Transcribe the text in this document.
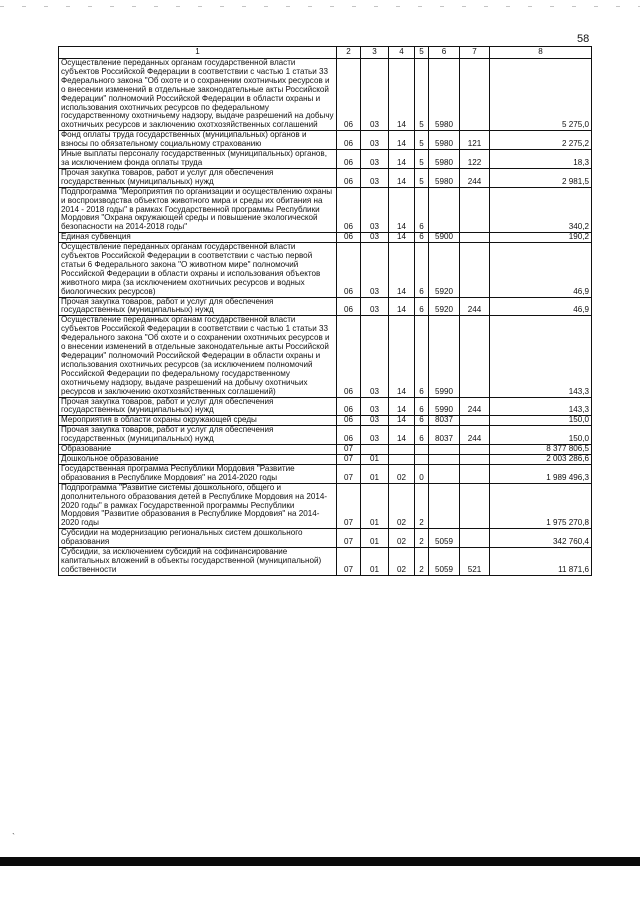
58
1	2	3	4	5	6	7	8
Осуществление переданных органам государственной власти субъектов Российской Федерации в соответствии с частью 1 статьи 33 Федерального закона "Об охоте и о сохранении охотничьих ресурсов и о внесении изменений в отдельные законодательные акты Российской Федерации" полномочий Российской Федерации в области охраны и использования охотничьих ресурсов по федеральному государственному охотничьему надзору, выдаче разрешений на добычу охотничьих ресурсов и заключению охотхозяйственных соглашений	06	03	14	5	5980		5 275,0
Фонд оплаты труда государственных (муниципальных) органов и взносы по обязательному социальному страхованию	06	03	14	5	5980	121	2 275,2
Иные выплаты персоналу государственных (муниципальных) органов, за исключением фонда оплаты труда	06	03	14	5	5980	122	18,3
Прочая закупка товаров, работ и услуг для обеспечения государственных (муниципальных) нужд	06	03	14	5	5980	244	2 981,5
Подпрограмма "Мероприятия по организации и осуществлению охраны и воспроизводства объектов животного мира и среды их обитания на 2014 - 2018 годы" в рамках Государственной программы Республики Мордовия "Охрана окружающей среды и повышение экологической безопасности на 2014-2018 годы"	06	03	14	6			340,2
Единая субвенция	06	03	14	6	5900		190,2
Осуществление переданных органам государственной власти субъектов Российской Федерации в соответствии с частью первой статьи 6 Федерального закона "О животном мире" полномочий Российской Федерации в области охраны и использования объектов животного мира (за исключением охотничьих ресурсов и водных биологических ресурсов)	06	03	14	6	5920		46,9
Прочая закупка товаров, работ и услуг для обеспечения государственных (муниципальных) нужд	06	03	14	6	5920	244	46,9
Осуществление переданных органам государственной власти субъектов Российской Федерации в соответствии с частью 1 статьи 33 Федерального закона "Об охоте и о сохранении охотничьих ресурсов и о внесении изменений в отдельные законодательные акты Российской Федерации" полномочий Российской Федерации в области охраны и использования охотничьих ресурсов (за исключением полномочий Российской Федерации по федеральному государственному охотничьему надзору, выдаче разрешений на добычу охотничьих ресурсов и заключению охотхозяйственных соглашений)	06	03	14	6	5990		143,3
Прочая закупка товаров, работ и услуг для обеспечения государственных (муниципальных) нужд	06	03	14	6	5990	244	143,3
Мероприятия в области охраны окружающей среды	06	03	14	6	8037		150,0
Прочая закупка товаров, работ и услуг для обеспечения государственных (муниципальных) нужд	06	03	14	6	8037	244	150,0
Образование	07						8 377 806,5
Дошкольное образование	07	01					2 003 286,6
Государственная программа Республики Мордовия "Развитие образования в Республике Мордовия" на 2014-2020 годы	07	01	02	0			1 989 496,3
Подпрограмма "Развитие системы дошкольного, общего и дополнительного образования детей в Республике Мордовия на 2014-2020 годы" в рамках Государственной программы Республики Мордовия "Развитие образования в Республике Мордовия" на 2014-2020 годы	07	01	02	2			1 975 270,8
Субсидии на модернизацию региональных систем дошкольного образования	07	01	02	2	5059		342 760,4
Субсидии, за исключением субсидий на софинансирование капитальных вложений в объекты государственной (муниципальной) собственности	07	01	02	2	5059	521	11 871,6
`
